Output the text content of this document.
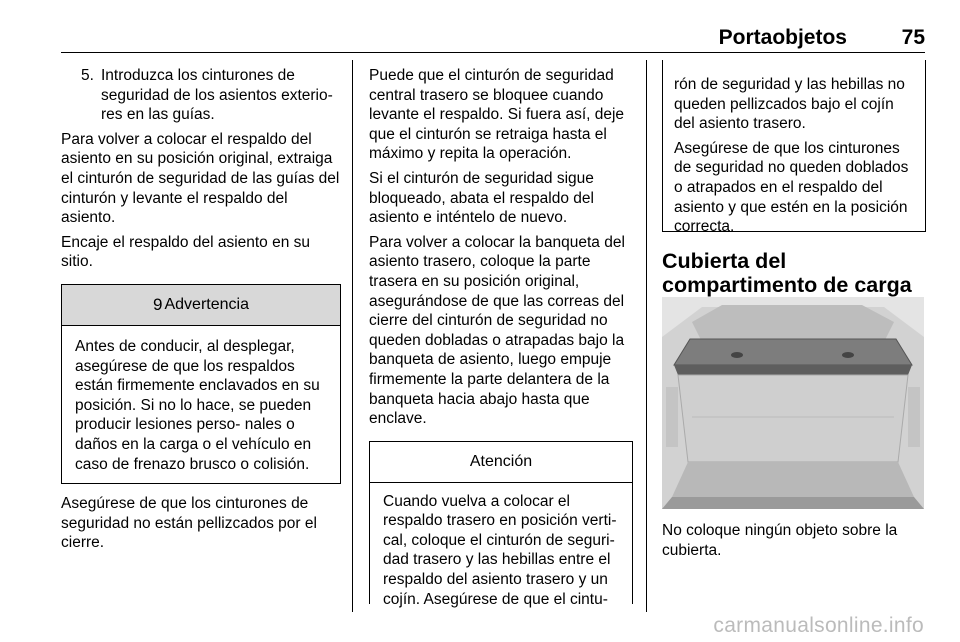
Portaobjetos	75
5. Introduzca los cinturones de seguridad de los asientos exterio- res en las guías.

Para volver a colocar el respaldo del asiento en su posición original, extraiga el cinturón de seguridad de las guías del cinturón y levante el respaldo del asiento.

Encaje el respaldo del asiento en su sitio.

9 Advertencia
Antes de conducir, al desplegar, asegúrese de que los respaldos están firmemente enclavados en su posición. Si no lo hace, se pueden producir lesiones perso- nales o daños en la carga o el vehículo en caso de frenazo brusco o colisión.

Asegúrese de que los cinturones de seguridad no están pellizcados por el cierre.

Puede que el cinturón de seguridad central trasero se bloquee cuando levante el respaldo. Si fuera así, deje que el cinturón se retraiga hasta el máximo y repita la operación.

Si el cinturón de seguridad sigue bloqueado, abata el respaldo del asiento e inténtelo de nuevo.

Para volver a colocar la banqueta del asiento trasero, coloque la parte trasera en su posición original, asegurándose de que las correas del cierre del cinturón de seguridad no queden dobladas o atrapadas bajo la banqueta de asiento, luego empuje firmemente la parte delantera de la banqueta hacia abajo hasta que enclave.

Atención
Cuando vuelva a colocar el respaldo trasero en posición verti- cal, coloque el cinturón de seguri- dad trasero y las hebillas entre el respaldo del asiento trasero y un cojín. Asegúrese de que el cintu-

rón de seguridad y las hebillas no queden pellizcados bajo el cojín del asiento trasero.

Asegúrese de que los cinturones de seguridad no queden doblados o atrapados en el respaldo del asiento y que estén en la posición correcta.

Cubierta del compartimento de carga

No coloque ningún objeto sobre la cubierta.

carmanualsonline.info
